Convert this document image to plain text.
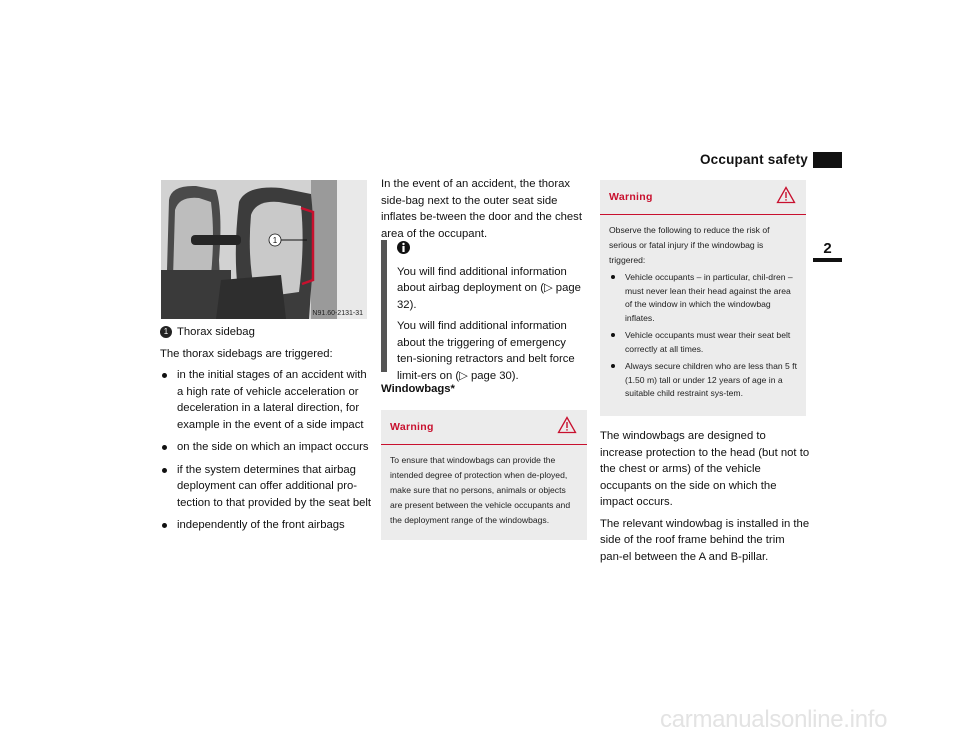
Occupant safety
2
1
N91.60-2131-31

1 Thorax sidebag

The thorax sidebags are triggered:

in the initial stages of an accident with a high rate of vehicle acceleration or deceleration in a lateral direction, for example in the event of a side impact
on the side on which an impact occurs
if the system determines that airbag deployment can offer additional pro-tection to that provided by the seat belt
independently of the front airbags

In the event of an accident, the thorax side-bag next to the outer seat side inflates be-tween the door and the chest area of the occupant.

You will find additional information about airbag deployment on (▷ page 32).

You will find additional information about the triggering of emergency ten-sioning retractors and belt force limit-ers on (▷ page 30).

Windowbags*
Warning
To ensure that windowbags can provide the intended degree of protection when de-ployed, make sure that no persons, animals or objects are present between the vehicle occupants and the deployment range of the windowbags.
Warning
Observe the following to reduce the risk of serious or fatal injury if the windowbag is triggered:
Vehicle occupants – in particular, chil-dren – must never lean their head against the area of the window in which the windowbag inflates.
Vehicle occupants must wear their seat belt correctly at all times.
Always secure children who are less than 5 ft (1.50 m) tall or under 12 years of age in a suitable child restraint sys-tem.

The windowbags are designed to increase protection to the head (but not to the chest or arms) of the vehicle occupants on the side on which the impact occurs.

The relevant windowbag is installed in the side of the roof frame behind the trim pan-el between the A and B-pillar.

carmanualsonline.info
